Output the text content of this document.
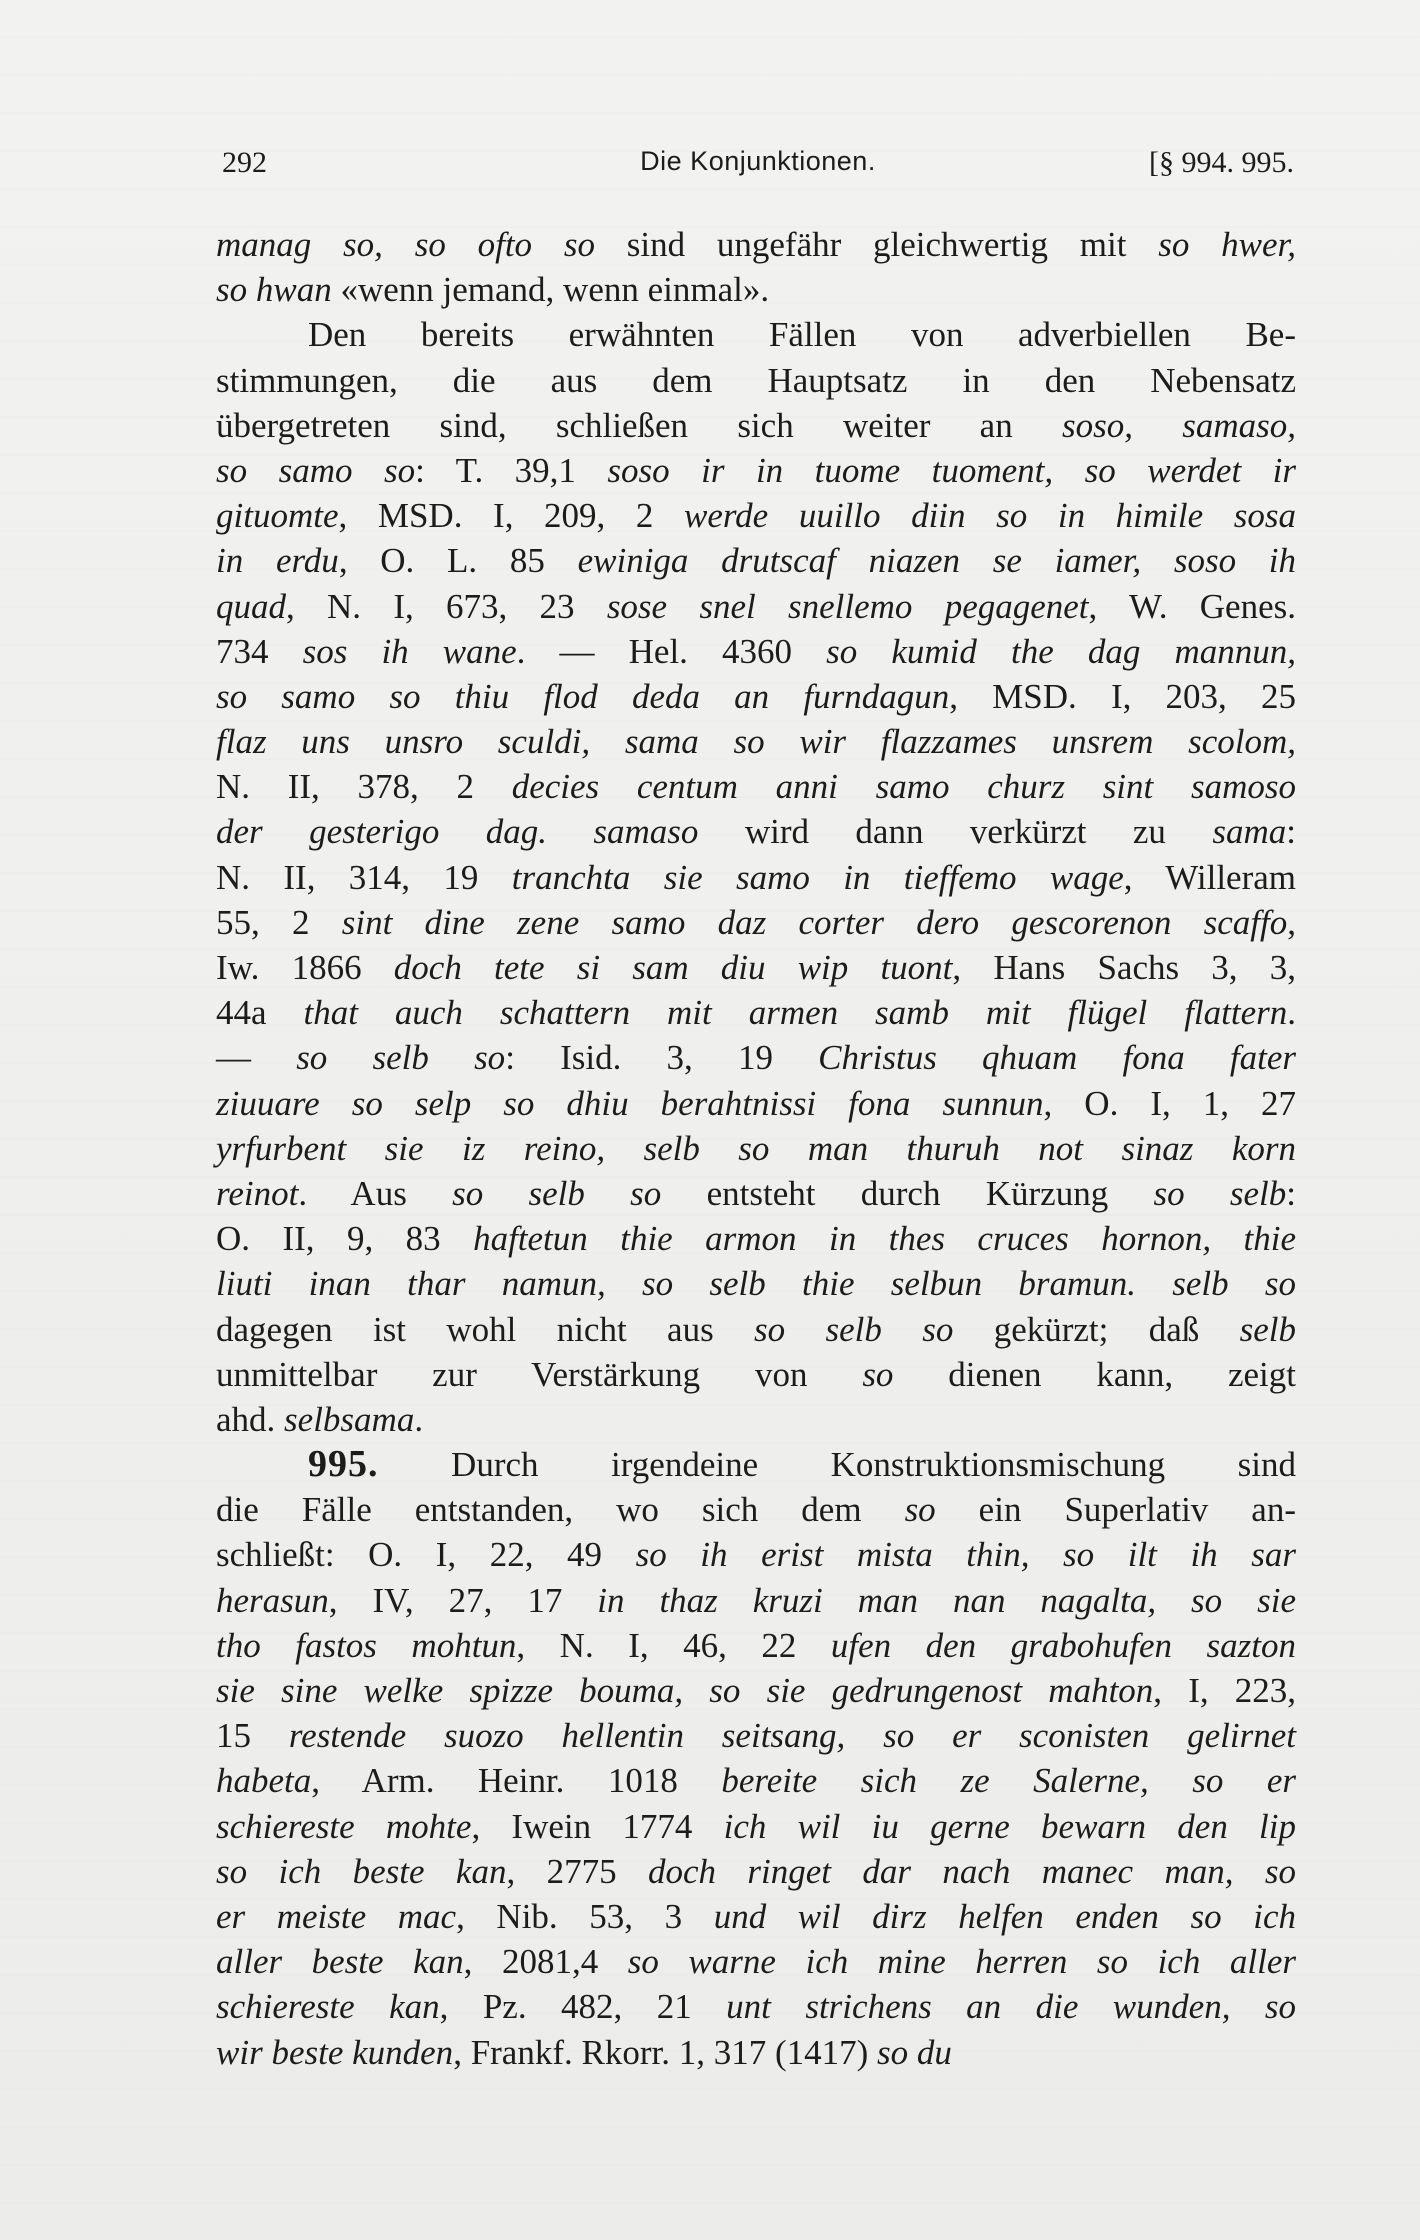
292	Die Konjunktionen.	[§ 994. 995.
manag so, so ofto so sind ungefähr gleichwertig mit so hwer,
so hwan «wenn jemand, wenn einmal».
Den bereits erwähnten Fällen von adverbiellen Be-
stimmungen, die aus dem Hauptsatz in den Nebensatz
übergetreten sind, schließen sich weiter an soso, samaso,
so samo so: T. 39,1 soso ir in tuome tuoment, so werdet ir
gituomte, MSD. I, 209, 2 werde uuillo diin so in himile sosa
in erdu, O. L. 85 ewiniga drutscaf niazen se iamer, soso ih
quad, N. I, 673, 23 sose snel snellemo pegagenet, W. Genes.
734 sos ih wane. — Hel. 4360 so kumid the dag mannun,
so samo so thiu flod deda an furndagun, MSD. I, 203, 25
flaz uns unsro sculdi, sama so wir flazzames unsrem scolom,
N. II, 378, 2 decies centum anni samo churz sint samoso
der gesterigo dag. samaso wird dann verkürzt zu sama:
N. II, 314, 19 tranchta sie samo in tieffemo wage, Willeram
55, 2 sint dine zene samo daz corter dero gescorenon scaffo,
Iw. 1866 doch tete si sam diu wip tuont, Hans Sachs 3, 3,
44a that auch schattern mit armen samb mit flügel flattern.
— so selb so: Isid. 3, 19 Christus qhuam fona fater
ziuuare so selp so dhiu berahtnissi fona sunnun, O. I, 1, 27
yrfurbent sie iz reino, selb so man thuruh not sinaz korn
reinot. Aus so selb so entsteht durch Kürzung so selb:
O. II, 9, 83 haftetun thie armon in thes cruces hornon, thie
liuti inan thar namun, so selb thie selbun bramun. selb so
dagegen ist wohl nicht aus so selb so gekürzt; daß selb
unmittelbar zur Verstärkung von so dienen kann, zeigt
ahd. selbsama.
995. Durch irgendeine Konstruktionsmischung sind
die Fälle entstanden, wo sich dem so ein Superlativ an-
schließt: O. I, 22, 49 so ih erist mista thin, so ilt ih sar
herasun, IV, 27, 17 in thaz kruzi man nan nagalta, so sie
tho fastos mohtun, N. I, 46, 22 ufen den grabohufen sazton
sie sine welke spizze bouma, so sie gedrungenost mahton, I, 223,
15 restende suozo hellentin seitsang, so er sconisten gelirnet
habeta, Arm. Heinr. 1018 bereite sich ze Salerne, so er
schiereste mohte, Iwein 1774 ich wil iu gerne bewarn den lip
so ich beste kan, 2775 doch ringet dar nach manec man, so
er meiste mac, Nib. 53, 3 und wil dirz helfen enden so ich
aller beste kan, 2081,4 so warne ich mine herren so ich aller
schiereste kan, Pz. 482, 21 unt strichens an die wunden, so
wir beste kunden, Frankf. Rkorr. 1, 317 (1417) so du
